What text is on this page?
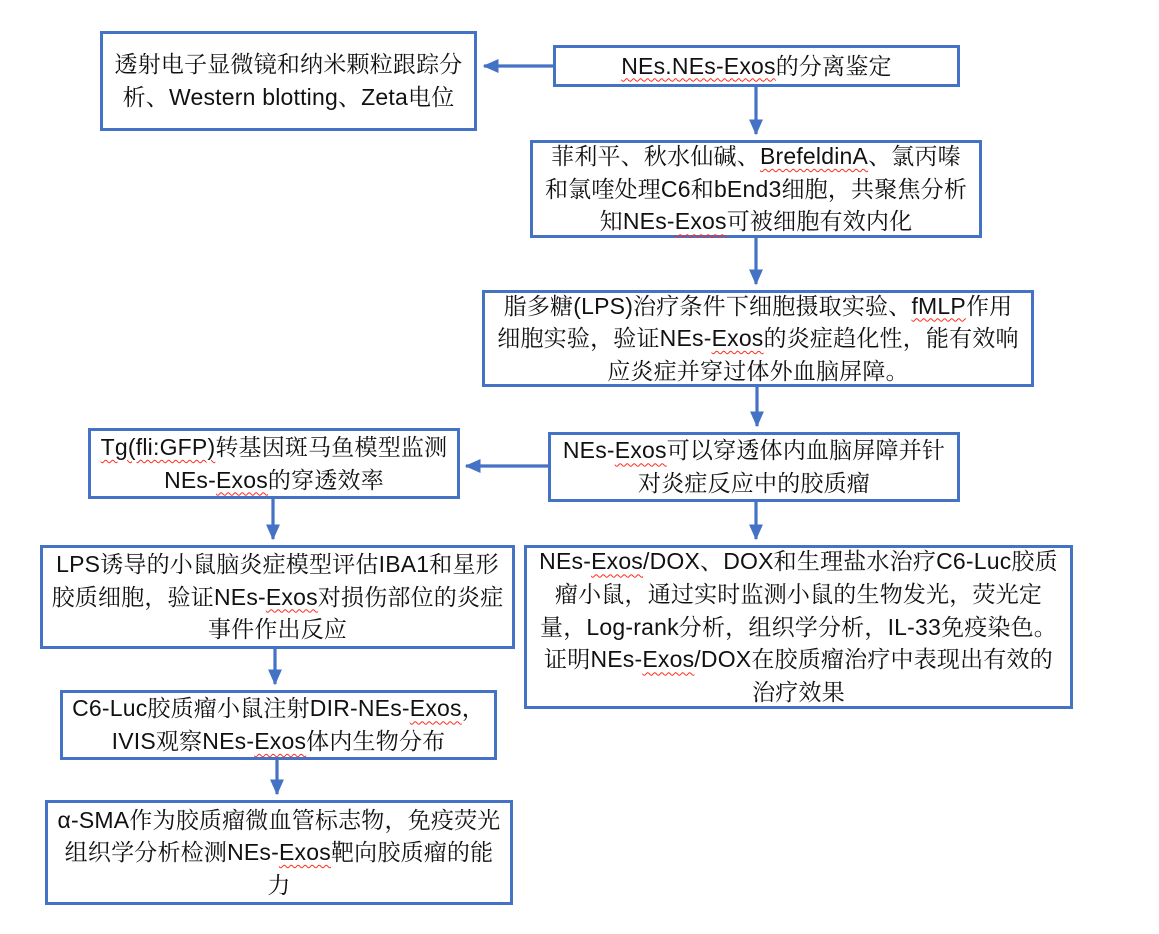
透射电子显微镜和纳米颗粒跟踪分析、Western blotting、Zeta电位
NEs.NEs-Exos的分离鉴定
菲利平、秋水仙碱、BrefeldinA、氯丙嗪和氯喹处理C6和bEnd3细胞，共聚焦分析知NEs-Exos可被细胞有效内化
脂多糖(LPS)治疗条件下细胞摄取实验、fMLP作用细胞实验，验证NEs-Exos的炎症趋化性，能有效响应炎症并穿过体外血脑屏障。
NEs-Exos可以穿透体内血脑屏障并针对炎症反应中的胶质瘤
Tg(fli:GFP)转基因斑马鱼模型监测NEs-Exos的穿透效率
LPS诱导的小鼠脑炎症模型评估IBA1和星形胶质细胞，验证NEs-Exos对损伤部位的炎症事件作出反应
NEs-Exos/DOX、DOX和生理盐水治疗C6-Luc胶质瘤小鼠，通过实时监测小鼠的生物发光，荧光定量，Log-rank分析，组织学分析，IL-33免疫染色。证明NEs-Exos/DOX在胶质瘤治疗中表现出有效的治疗效果
C6-Luc胶质瘤小鼠注射DIR-NEs-Exos，IVIS观察NEs-Exos体内生物分布
α-SMA作为胶质瘤微血管标志物，免疫荧光组织学分析检测NEs-Exos靶向胶质瘤的能力
